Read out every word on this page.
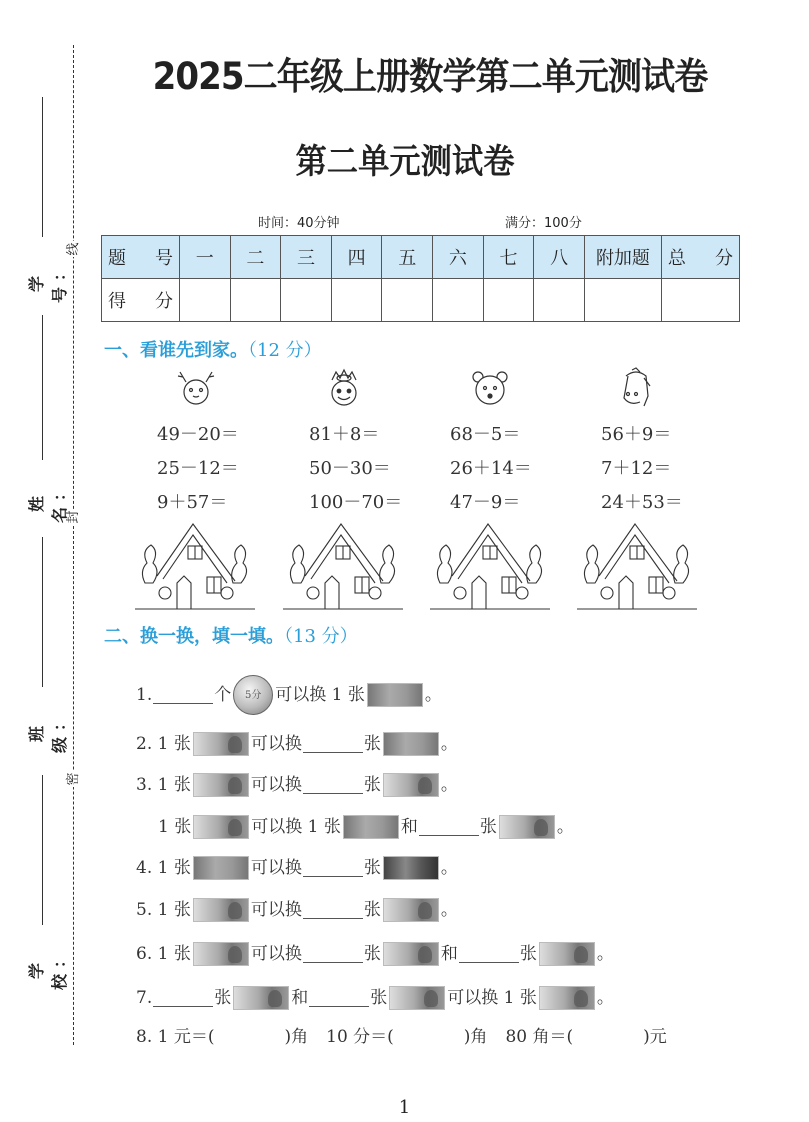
线
封
密
学 号：
姓 名：
班 级：
学 校：
2025二年级上册数学第二单元测试卷
第二单元测试卷
时间：40分钟	满分：100分
题 号	一	二	三	四	五	六	七	八	附加题	总 分
得 分										
一、看谁先到家。（12 分）
49－20＝
25－12＝
9＋57＝
81＋8＝
50－30＝
100－70＝
68－5＝
26＋14＝
47－9＝
56＋9＝
7＋12＝
24＋53＝
二、换一换，填一填。（13 分）
1.	个	5分 可以换 1 张	。
2. 1 张	可以换	张	。
3. 1 张	可以换	张	。
1 张	可以换 1 张	和	张	。
4. 1 张	可以换	张	。
5. 1 张	可以换	张	。
6. 1 张	可以换	张	和	张	。
7.	张	和	张	可以换 1 张	。
8. 1 元＝(	)角 10 分＝(	)角 80 角＝(	)元
1
